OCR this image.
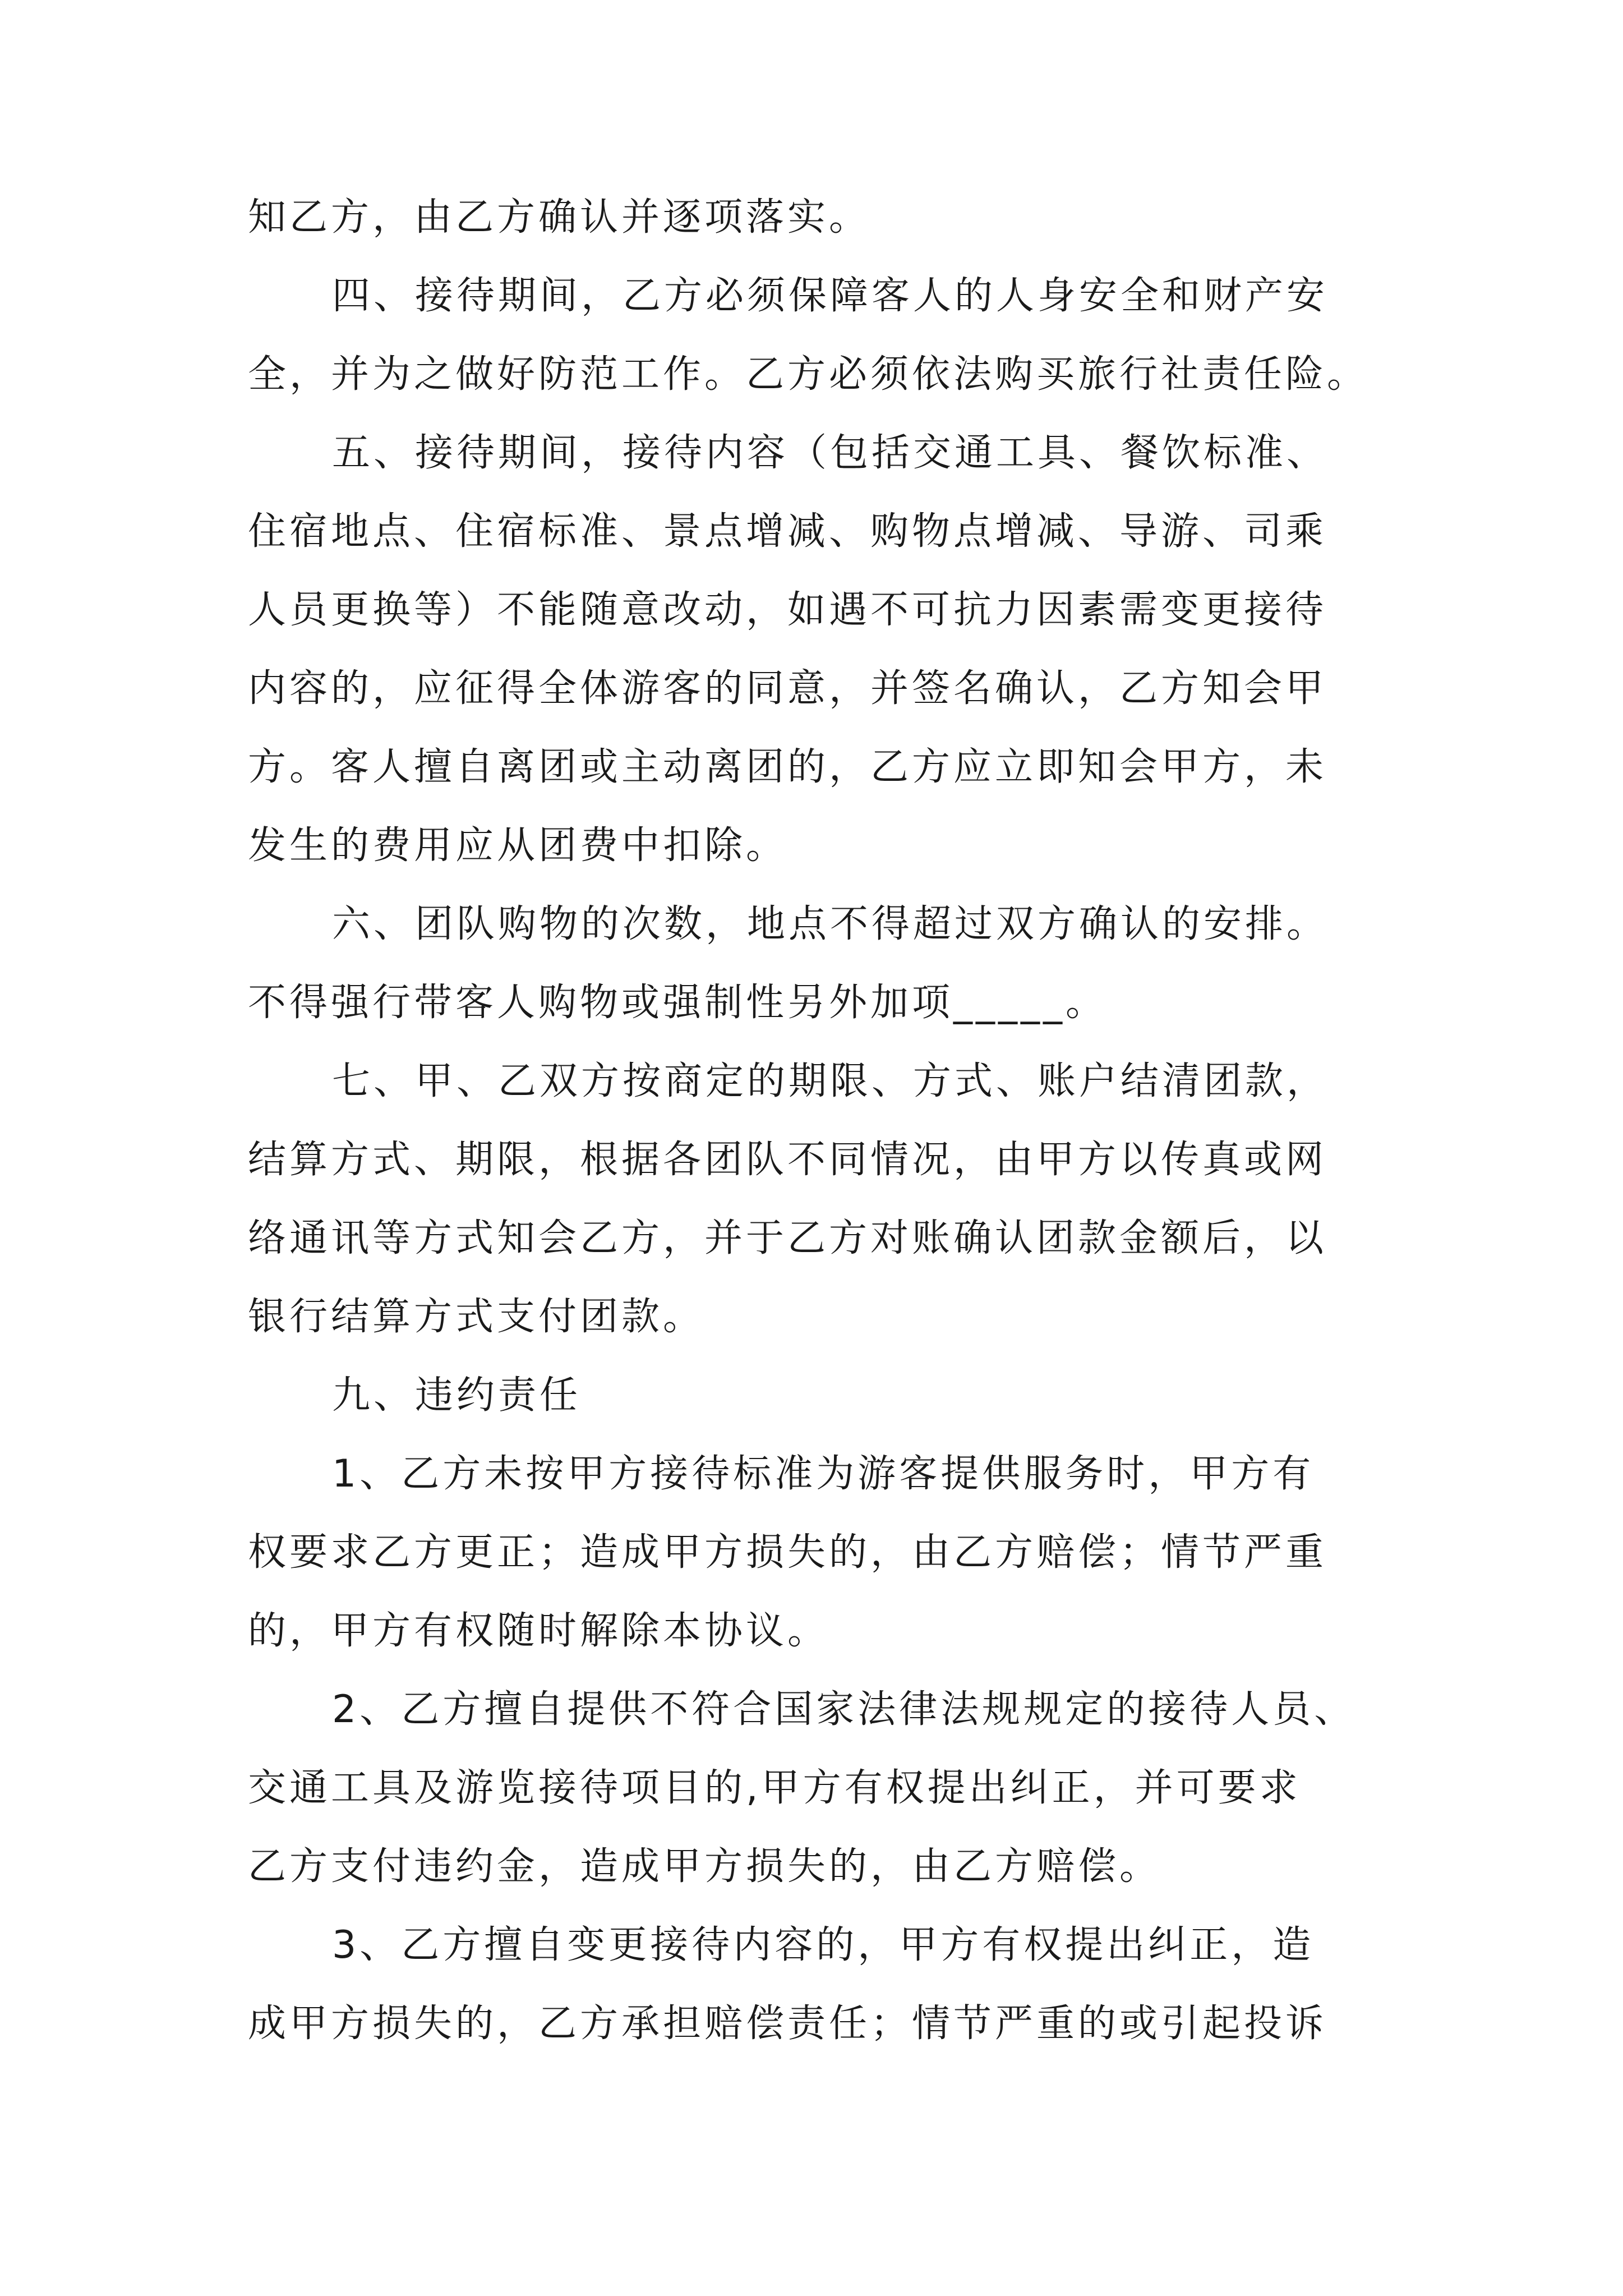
知乙方，由乙方确认并逐项落实。
四、接待期间，乙方必须保障客人的人身安全和财产安
全，并为之做好防范工作。乙方必须依法购买旅行社责任险。
五、接待期间，接待内容（包括交通工具、餐饮标准、
住宿地点、住宿标准、景点增减、购物点增减、导游、司乘
人员更换等）不能随意改动，如遇不可抗力因素需变更接待
内容的，应征得全体游客的同意，并签名确认，乙方知会甲
方。客人擅自离团或主动离团的，乙方应立即知会甲方，未
发生的费用应从团费中扣除。
六、团队购物的次数，地点不得超过双方确认的安排。
不得强行带客人购物或强制性另外加项_____。
七、甲、乙双方按商定的期限、方式、账户结清团款，
结算方式、期限，根据各团队不同情况，由甲方以传真或网
络通讯等方式知会乙方，并于乙方对账确认团款金额后，以
银行结算方式支付团款。
九、违约责任
1、乙方未按甲方接待标准为游客提供服务时，甲方有
权要求乙方更正；造成甲方损失的，由乙方赔偿；情节严重
的，甲方有权随时解除本协议。
2、乙方擅自提供不符合国家法律法规规定的接待人员、
交通工具及游览接待项目的,甲方有权提出纠正，并可要求
乙方支付违约金，造成甲方损失的，由乙方赔偿。
3、乙方擅自变更接待内容的，甲方有权提出纠正，造
成甲方损失的，乙方承担赔偿责任；情节严重的或引起投诉
